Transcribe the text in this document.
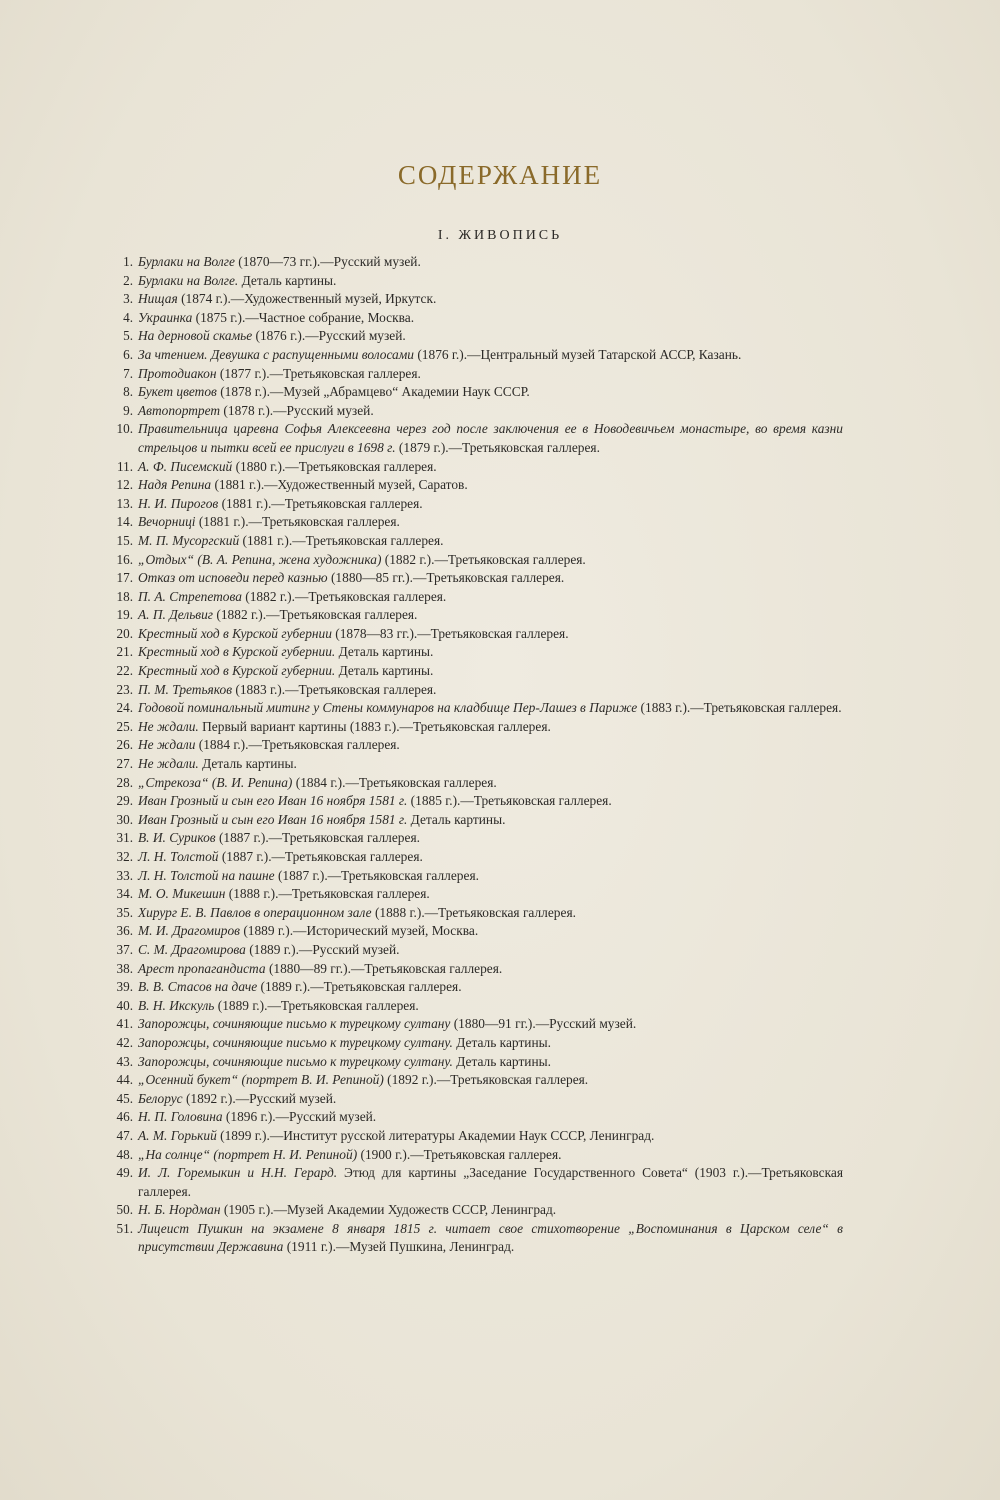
СОДЕРЖАНИЕ
I. ЖИВОПИСЬ
1. Бурлаки на Волге (1870—73 гг.).—Русский музей.
2. Бурлаки на Волге. Деталь картины.
3. Нищая (1874 г.).—Художественный музей, Иркутск.
4. Украинка (1875 г.).—Частное собрание, Москва.
5. На дерновой скамье (1876 г.).—Русский музей.
6. За чтением. Девушка с распущенными волосами (1876 г.).—Центральный музей Татарской АССР, Казань.
7. Протодиакон (1877 г.).—Третьяковская галлерея.
8. Букет цветов (1878 г.).—Музей „Абрамцево“ Академии Наук СССР.
9. Автопортрет (1878 г.).—Русский музей.
10. Правительница царевна Софья Алексеевна через год после заключения ее в Новодевичьем монастыре, во время казни стрельцов и пытки всей ее прислуги в 1698 г. (1879 г.).—Третьяковская галлерея.
11. А. Ф. Писемский (1880 г.).—Третьяковская галлерея.
12. Надя Репина (1881 г.).—Художественный музей, Саратов.
13. Н. И. Пирогов (1881 г.).—Третьяковская галлерея.
14. Вечорниці (1881 г.).—Третьяковская галлерея.
15. М. П. Мусоргский (1881 г.).—Третьяковская галлерея.
16. „Отдых“ (В. А. Репина, жена художника) (1882 г.).—Третьяковская галлерея.
17. Отказ от исповеди перед казнью (1880—85 гг.).—Третьяковская галлерея.
18. П. А. Стрепетова (1882 г.).—Третьяковская галлерея.
19. А. П. Дельвиг (1882 г.).—Третьяковская галлерея.
20. Крестный ход в Курской губернии (1878—83 гг.).—Третьяковская галлерея.
21. Крестный ход в Курской губернии. Деталь картины.
22. Крестный ход в Курской губернии. Деталь картины.
23. П. М. Третьяков (1883 г.).—Третьяковская галлерея.
24. Годовой поминальный митинг у Стены коммунаров на кладбище Пер-Лашез в Париже (1883 г.).—Третьяковская галлерея.
25. Не ждали. Первый вариант картины (1883 г.).—Третьяковская галлерея.
26. Не ждали (1884 г.).—Третьяковская галлерея.
27. Не ждали. Деталь картины.
28. „Стрекоза“ (В. И. Репина) (1884 г.).—Третьяковская галлерея.
29. Иван Грозный и сын его Иван 16 ноября 1581 г. (1885 г.).—Третьяковская галлерея.
30. Иван Грозный и сын его Иван 16 ноября 1581 г. Деталь картины.
31. В. И. Суриков (1887 г.).—Третьяковская галлерея.
32. Л. Н. Толстой (1887 г.).—Третьяковская галлерея.
33. Л. Н. Толстой на пашне (1887 г.).—Третьяковская галлерея.
34. М. О. Микешин (1888 г.).—Третьяковская галлерея.
35. Хирург Е. В. Павлов в операционном зале (1888 г.).—Третьяковская галлерея.
36. М. И. Драгомиров (1889 г.).—Исторический музей, Москва.
37. С. М. Драгомирова (1889 г.).—Русский музей.
38. Арест пропагандиста (1880—89 гг.).—Третьяковская галлерея.
39. В. В. Стасов на даче (1889 г.).—Третьяковская галлерея.
40. В. Н. Икскуль (1889 г.).—Третьяковская галлерея.
41. Запорожцы, сочиняющие письмо к турецкому султану (1880—91 гг.).—Русский музей.
42. Запорожцы, сочиняющие письмо к турецкому султану. Деталь картины.
43. Запорожцы, сочиняющие письмо к турецкому султану. Деталь картины.
44. „Осенний букет“ (портрет В. И. Репиной) (1892 г.).—Третьяковская галлерея.
45. Белорус (1892 г.).—Русский музей.
46. Н. П. Головина (1896 г.).—Русский музей.
47. А. М. Горький (1899 г.).—Институт русской литературы Академии Наук СССР, Ленинград.
48. „На солнце“ (портрет Н. И. Репиной) (1900 г.).—Третьяковская галлерея.
49. И. Л. Горемыкин и Н.Н. Герард. Этюд для картины „Заседание Государственного Совета“ (1903 г.).—Третьяковская галлерея.
50. Н. Б. Нордман (1905 г.).—Музей Академии Художеств СССР, Ленинград.
51. Лицеист Пушкин на экзамене 8 января 1815 г. читает свое стихотворение „Воспоминания в Царском селе“ в присутствии Державина (1911 г.).—Музей Пушкина, Ленинград.
